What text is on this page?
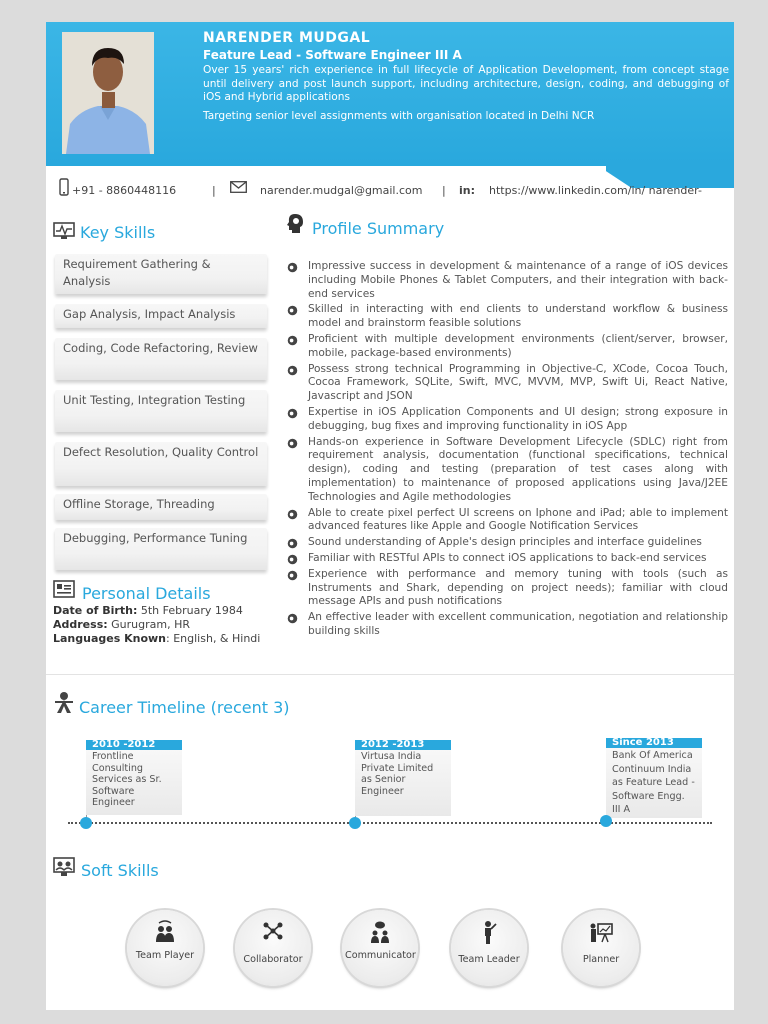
NARENDER MUDGAL
Feature Lead - Software Engineer III A
Over 15 years' rich experience in full lifecycle of Application Development, from concept stage until delivery and post launch support, including architecture, design, coding, and debugging of iOS and Hybrid applications
Targeting senior level assignments with organisation located in Delhi NCR
+91 - 8860448116	|	narender.mudgal@gmail.com | in: https://www.linkedin.com/in/ narender-
Key Skills
Requirement Gathering & Analysis
Gap Analysis, Impact Analysis
Coding, Code Refactoring, Review
Unit Testing, Integration Testing
Defect Resolution, Quality Control
Offline Storage, Threading
Debugging, Performance Tuning
Personal Details
Date of Birth: 5th February 1984
Address: Gurugram, HR
Languages Known: English, & Hindi
Profile Summary
Impressive success in development & maintenance of a range of iOS devices including Mobile Phones & Tablet Computers, and their integration with back-end services
Skilled in interacting with end clients to understand workflow & business model and brainstorm feasible solutions
Proficient with multiple development environments (client/server, browser, mobile, package-based environments)
Possess strong technical Programming in Objective-C, XCode, Cocoa Touch, Cocoa Framework, SQLite, Swift, MVC, MVVM, MVP, Swift Ui, React Native, Javascript and JSON
Expertise in iOS Application Components and UI design; strong exposure in debugging, bug fixes and improving functionality in iOS App
Hands-on experience in Software Development Lifecycle (SDLC) right from requirement analysis, documentation (functional specifications, technical design), coding and testing (preparation of test cases along with implementation) to maintenance of proposed applications using Java/J2EE Technologies and Agile methodologies
Able to create pixel perfect UI screens on Iphone and iPad; able to implement advanced features like Apple and Google Notification Services
Sound understanding of Apple's design principles and interface guidelines
Familiar with RESTful APIs to connect iOS applications to back-end services
Experience with performance and memory tuning with tools (such as Instruments and Shark, depending on project needs); familiar with cloud message APIs and push notifications
An effective leader with excellent communication, negotiation and relationship building skills
Career Timeline (recent 3)
2010 -2012
Frontline Consulting Services as Sr. Software Engineer
2012 -2013
Virtusa India Private Limited as Senior Engineer
Since 2013
Bank Of America Continuum India as Feature Lead - Software Engg. III A
Soft Skills
Team Player	Collaborator	Communicator	Team Leader	Planner
